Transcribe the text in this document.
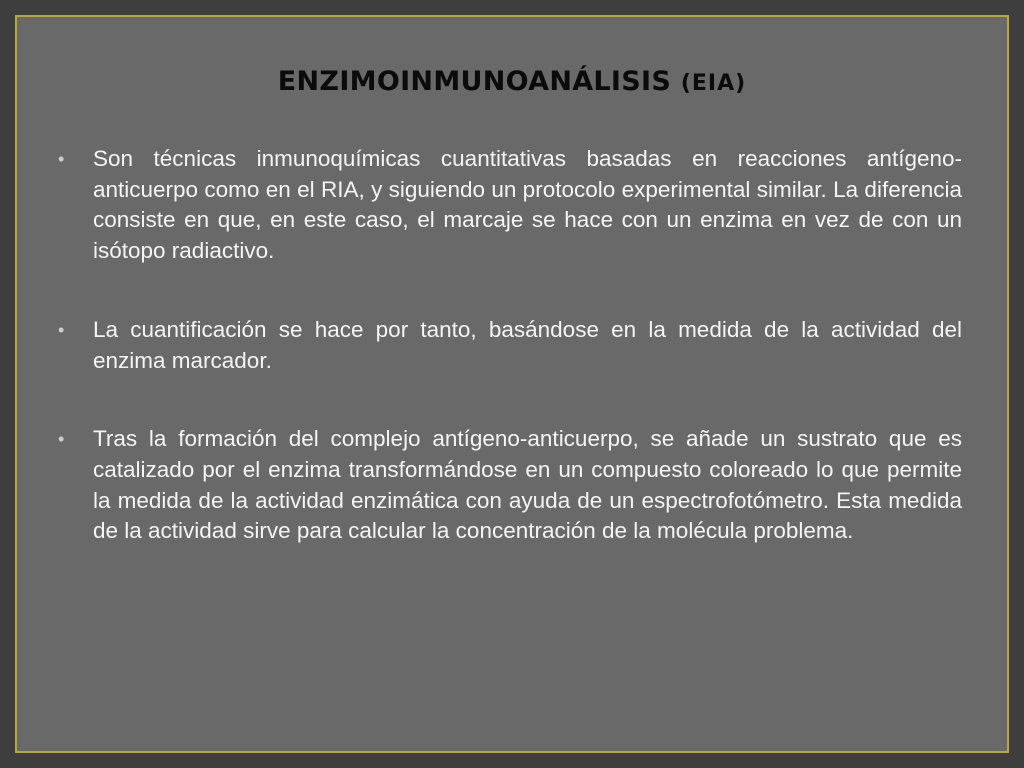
ENZIMOINMUNOANÁLISIS (EIA)
• Son técnicas inmunoquímicas cuantitativas basadas en reacciones antígeno-anticuerpo como en el RIA, y siguiendo un protocolo experimental similar. La diferencia consiste en que, en este caso, el marcaje se hace con un enzima en vez de con un isótopo radiactivo.
• La cuantificación se hace por tanto, basándose en la medida de la actividad del enzima marcador.
• Tras la formación del complejo antígeno-anticuerpo, se añade un sustrato que es catalizado por el enzima transformándose en un compuesto coloreado lo que permite la medida de la actividad enzimática con ayuda de un espectrofotómetro. Esta medida de la actividad sirve para calcular la concentración de la molécula problema.
